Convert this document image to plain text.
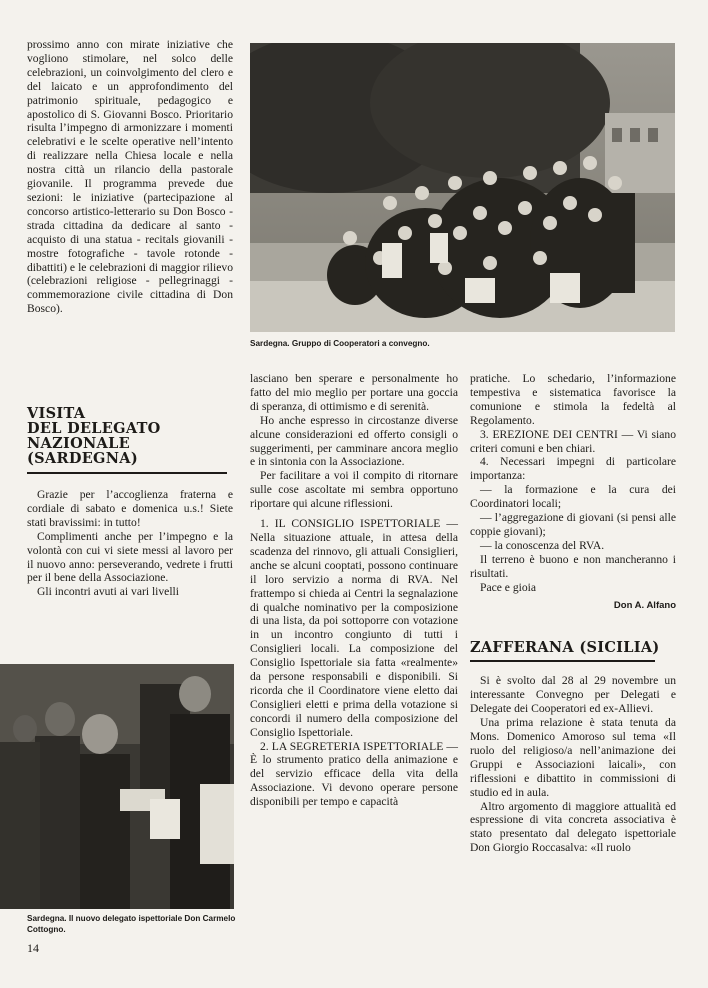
prossimo anno con mirate iniziative che vogliono stimolare, nel solco delle celebrazioni, un coinvolgimento del clero e del laicato e un approfondimento del patrimonio spirituale, pedagogico e apostolico di S. Giovanni Bosco. Prioritario risulta l’impegno di armonizzare i momenti celebrativi e le scelte operative nell’intento di realizzare nella Chiesa locale e nella nostra città un rilancio della pastorale giovanile. Il programma prevede due sezioni: le iniziative (partecipazione al concorso artistico-letterario su Don Bosco - strada cittadina da dedicare al santo - acquisto di una statua - recitals giovanili - mostre fotografiche - tavole rotonde - dibattiti) e le celebrazioni di maggior rilievo (celebrazioni religiose - pellegrinaggi - commemorazione civile cittadina di Don Bosco).

VISITA
DEL DELEGATO
NAZIONALE
(SARDEGNA)

Grazie per l’accoglienza fraterna e cordiale di sabato e domenica u.s.! Siete stati bravissimi: in tutto!

Complimenti anche per l’impegno e la volontà con cui vi siete messi al lavoro per il nuovo anno: perseverando, vedrete i frutti per il bene della Associazione.

Gli incontri avuti ai vari livelli

Sardegna. Gruppo di Cooperatori a convegno.
Sardegna. Il nuovo delegato ispettoriale Don Carmelo Cottogno.

lasciano ben sperare e personalmente ho fatto del mio meglio per portare una goccia di speranza, di ottimismo e di serenità.

Ho anche espresso in circostanze diverse alcune considerazioni ed offerto consigli o suggerimenti, per camminare ancora meglio e in sintonia con la Associazione.

Per facilitare a voi il compito di ritornare sulle cose ascoltate mi sembra opportuno riportare qui alcune riflessioni.

1. IL CONSIGLIO ISPETTORIALE — Nella situazione attuale, in attesa della scadenza del rinnovo, gli attuali Consiglieri, anche se alcuni cooptati, possono continuare il loro servizio a norma di RVA. Nel frattempo si chieda ai Centri la segnalazione di qualche nominativo per la composizione di una lista, da poi sottoporre con votazione in un incontro congiunto di tutti i Consiglieri locali. La composizione del Consiglio Ispettoriale sia fatta «realmente» da persone responsabili e disponibili. Si ricorda che il Coordinatore viene eletto dai Consiglieri eletti e prima della votazione si concordi il numero della composizione del Consiglio Ispettoriale.

2. LA SEGRETERIA ISPETTORIALE — È lo strumento pratico della animazione e del servizio efficace della vita della Associazione. Vi devono operare persone disponibili per tempo e capacità

pratiche. Lo schedario, l’informazione tempestiva e sistematica favorisce la comunione e stimola la fedeltà al Regolamento.

3. EREZIONE DEI CENTRI — Vi siano criteri comuni e ben chiari.

4. Necessari impegni di particolare importanza:

— la formazione e la cura dei Coordinatori locali;

— l’aggregazione di giovani (si pensi alle coppie giovani);

— la conoscenza del RVA.

Il terreno è buono e non mancheranno i risultati.

Pace e gioia

Don A. Alfano
ZAFFERANA (SICILIA)

Si è svolto dal 28 al 29 novembre un interessante Convegno per Delegati e Delegate dei Cooperatori ed ex-Allievi.

Una prima relazione è stata tenuta da Mons. Domenico Amoroso sul tema «Il ruolo del religioso/a nell’animazione dei Gruppi e Associazioni laicali», con riflessioni e dibattito in commissioni di studio ed in aula.

Altro argomento di maggiore attualità ed espressione di vita concreta associativa è stato presentato dal delegato ispettoriale Don Giorgio Roccasalva: «Il ruolo

14
